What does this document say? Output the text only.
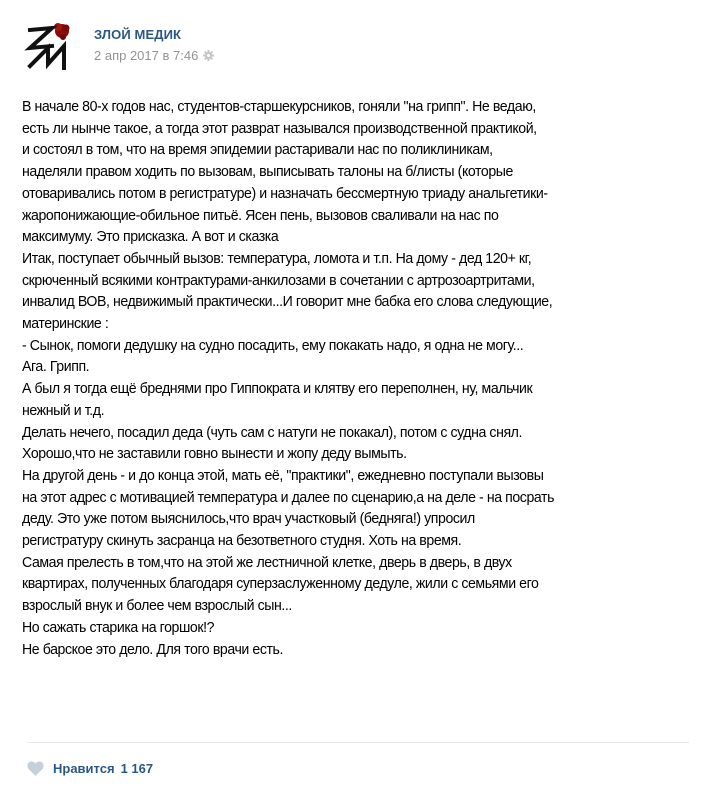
ЗЛОЙ МЕДИК
2 апр 2017 в 7:46
В начале 80-х годов нас, студентов-старшекурсников, гоняли "на грипп". Не ведаю,
есть ли нынче такое, а тогда этот разврат назывался производственной практикой,
и состоял в том, что на время эпидемии растаривали нас по поликлиникам,
наделяли правом ходить по вызовам, выписывать талоны на б/листы (которые
отоваривались потом в регистратуре) и назначать бессмертную триаду анальгетики-
жаропонижающие-обильное питьё. Ясен пень, вызовов сваливали на нас по
максимуму. Это присказка. А вот и сказка
Итак, поступает обычный вызов: температура, ломота и т.п. На дому - дед 120+ кг,
скрюченный всякими контрактурами-анкилозами в сочетании с артрозоартритами,
инвалид ВОВ, недвижимый практически...И говорит мне бабка его слова следующие,
материнские :
- Сынок, помоги дедушку на судно посадить, ему покакать надо, я одна не могу...
Ага. Грипп.
А был я тогда ещё бреднями про Гиппократа и клятву его переполнен, ну, мальчик
нежный и т.д.
Делать нечего, посадил деда (чуть сам с натуги не покакал), потом с судна снял.
Хорошо,что не заставили говно вынести и жопу деду вымыть.
На другой день - и до конца этой, мать её, "практики", ежедневно поступали вызовы
на этот адрес с мотивацией температура и далее по сценарию,а на деле - на посрать
деду. Это уже потом выяснилось,что врач участковый (бедняга!) упросил
регистратуру скинуть засранца на безответного студня. Хоть на время.
Самая прелесть в том,что на этой же лестничной клетке, дверь в дверь, в двух
квартирах, полученных благодаря суперзаслуженному дедуле, жили с семьями его
взрослый внук и более чем взрослый сын...
Но сажать старика на горшок!?
Не барское это дело. Для того врачи есть.
Нравится 1 167
